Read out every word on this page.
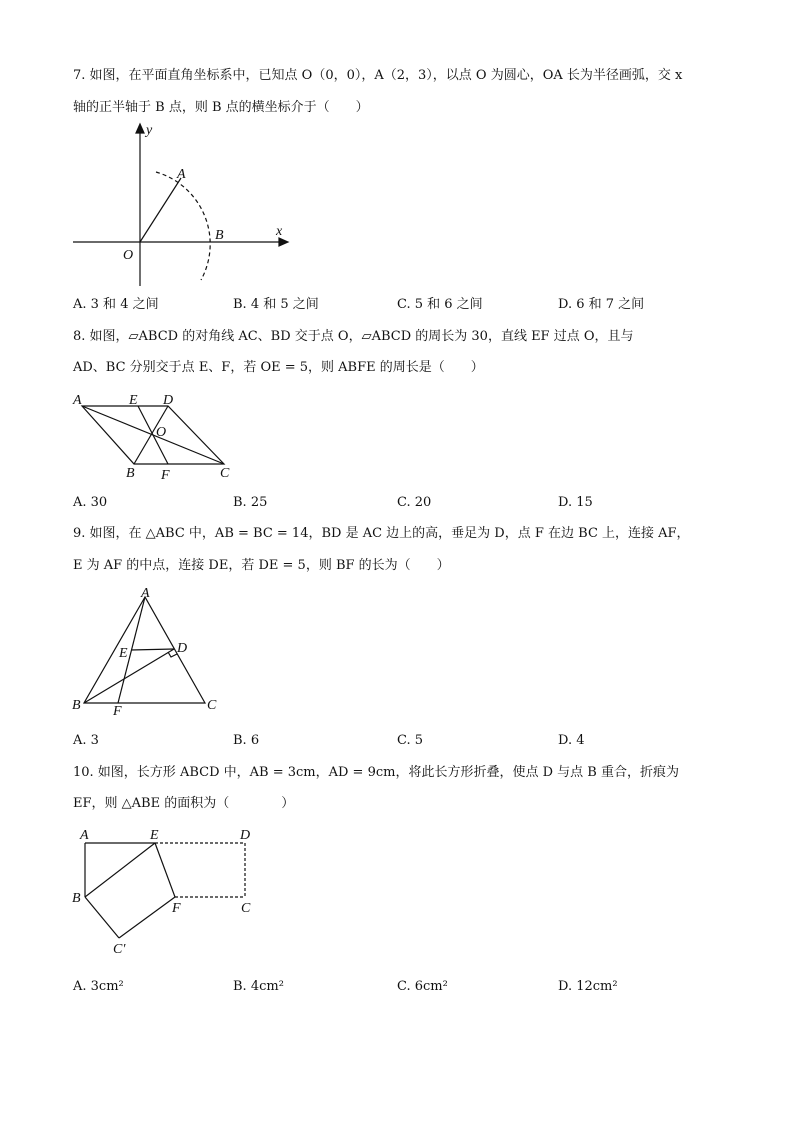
7. 如图，在平面直角坐标系中，已知点 O（0，0），A（2，3），以点 O 为圆心，OA 长为半径画弧，交 x
轴的正半轴于 B 点，则 B 点的横坐标介于（　　）
y
x
O
A
B
A. 3 和 4 之间	B. 4 和 5 之间	C. 5 和 6 之间	D. 6 和 7 之间
8. 如图，▱ABCD 的对角线 AC、BD 交于点 O，▱ABCD 的周长为 30，直线 EF 过点 O，且与
AD、BC 分别交于点 E、F，若 OE = 5，则 ABFE 的周长是（　　）
A	E D
O
B F	C
A. 30	B. 25	C. 20	D. 15
9. 如图，在 △ABC 中，AB = BC = 14，BD 是 AC 边上的高，垂足为 D，点 F 在边 BC 上，连接 AF，
E 为 AF 的中点，连接 DE，若 DE = 5，则 BF 的长为（　　）
A
D
E
B F	C
A. 3	B. 6	C. 5	D. 4
10. 如图，长方形 ABCD 中，AB = 3cm，AD = 9cm，将此长方形折叠，使点 D 与点 B 重合，折痕为
EF，则 △ABE 的面积为（　　　　）
A	E	D
B
F	C
C′
A. 3cm²	B. 4cm²	C. 6cm²	D. 12cm²
